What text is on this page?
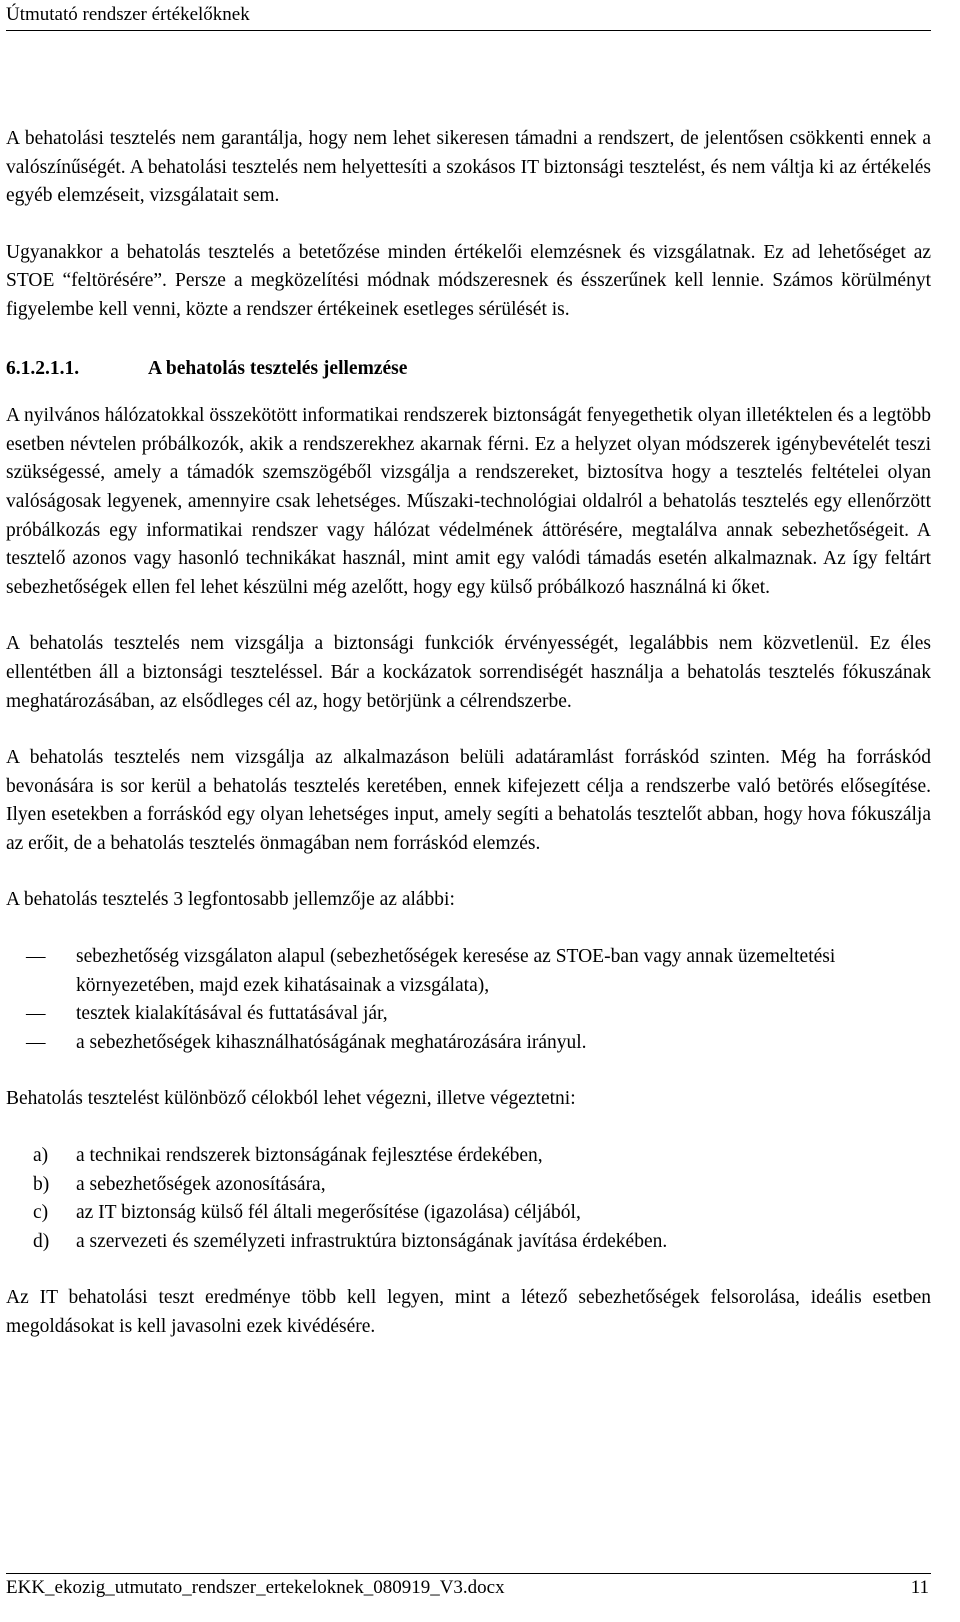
Útmutató rendszer értékelőknek

A behatolási tesztelés nem garantálja, hogy nem lehet sikeresen támadni a rendszert, de jelentősen csökkenti ennek a valószínűségét. A behatolási tesztelés nem helyettesíti a szokásos IT biztonsági tesztelést, és nem váltja ki az értékelés egyéb elemzéseit, vizsgálatait sem.

Ugyanakkor a behatolás tesztelés a betetőzése minden értékelői elemzésnek és vizsgálatnak. Ez ad lehetőséget az STOE “feltörésére”. Persze a megközelítési módnak módszeresnek és ésszerűnek kell lennie. Számos körülményt figyelembe kell venni, közte a rendszer értékeinek esetleges sérülését is.

6.1.2.1.1.	A behatolás tesztelés jellemzése

A nyilvános hálózatokkal összekötött informatikai rendszerek biztonságát fenyegethetik olyan illetéktelen és a legtöbb esetben névtelen próbálkozók, akik a rendszerekhez akarnak férni. Ez a helyzet olyan módszerek igénybevételét teszi szükségessé, amely a támadók szemszögéből vizsgálja a rendszereket, biztosítva hogy a tesztelés feltételei olyan valóságosak legyenek, amennyire csak lehetséges. Műszaki-technológiai oldalról a behatolás tesztelés egy ellenőrzött próbálkozás egy informatikai rendszer vagy hálózat védelmének áttörésére, megtalálva annak sebezhetőségeit. A tesztelő azonos vagy hasonló technikákat használ, mint amit egy valódi támadás esetén alkalmaznak. Az így feltárt sebezhetőségek ellen fel lehet készülni még azelőtt, hogy egy külső próbálkozó használná ki őket.

A behatolás tesztelés nem vizsgálja a biztonsági funkciók érvényességét, legalábbis nem közvetlenül. Ez éles ellentétben áll a biztonsági teszteléssel. Bár a kockázatok sorrendiségét használja a behatolás tesztelés fókuszának meghatározásában, az elsődleges cél az, hogy betörjünk a célrendszerbe.

A behatolás tesztelés nem vizsgálja az alkalmazáson belüli adatáramlást forráskód szinten. Még ha forráskód bevonására is sor kerül a behatolás tesztelés keretében, ennek kifejezett célja a rendszerbe való betörés elősegítése. Ilyen esetekben a forráskód egy olyan lehetséges input, amely segíti a behatolás tesztelőt abban, hogy hova fókuszálja az erőit, de a behatolás tesztelés önmagában nem forráskód elemzés.

A behatolás tesztelés 3 legfontosabb jellemzője az alábbi:

— sebezhetőség vizsgálaton alapul (sebezhetőségek keresése az STOE-ban vagy annak üzemeltetési környezetében, majd ezek kihatásainak a vizsgálata),
— tesztek kialakításával és futtatásával jár,
— a sebezhetőségek kihasználhatóságának meghatározására irányul.

Behatolás tesztelést különböző célokból lehet végezni, illetve végeztetni:

a) a technikai rendszerek biztonságának fejlesztése érdekében,
b) a sebezhetőségek azonosítására,
c) az IT biztonság külső fél általi megerősítése (igazolása) céljából,
d) a szervezeti és személyzeti infrastruktúra biztonságának javítása érdekében.

Az IT behatolási teszt eredménye több kell legyen, mint a létező sebezhetőségek felsorolása, ideális esetben megoldásokat is kell javasolni ezek kivédésére.

EKK_ekozig_utmutato_rendszer_ertekeloknek_080919_V3.docx	11
